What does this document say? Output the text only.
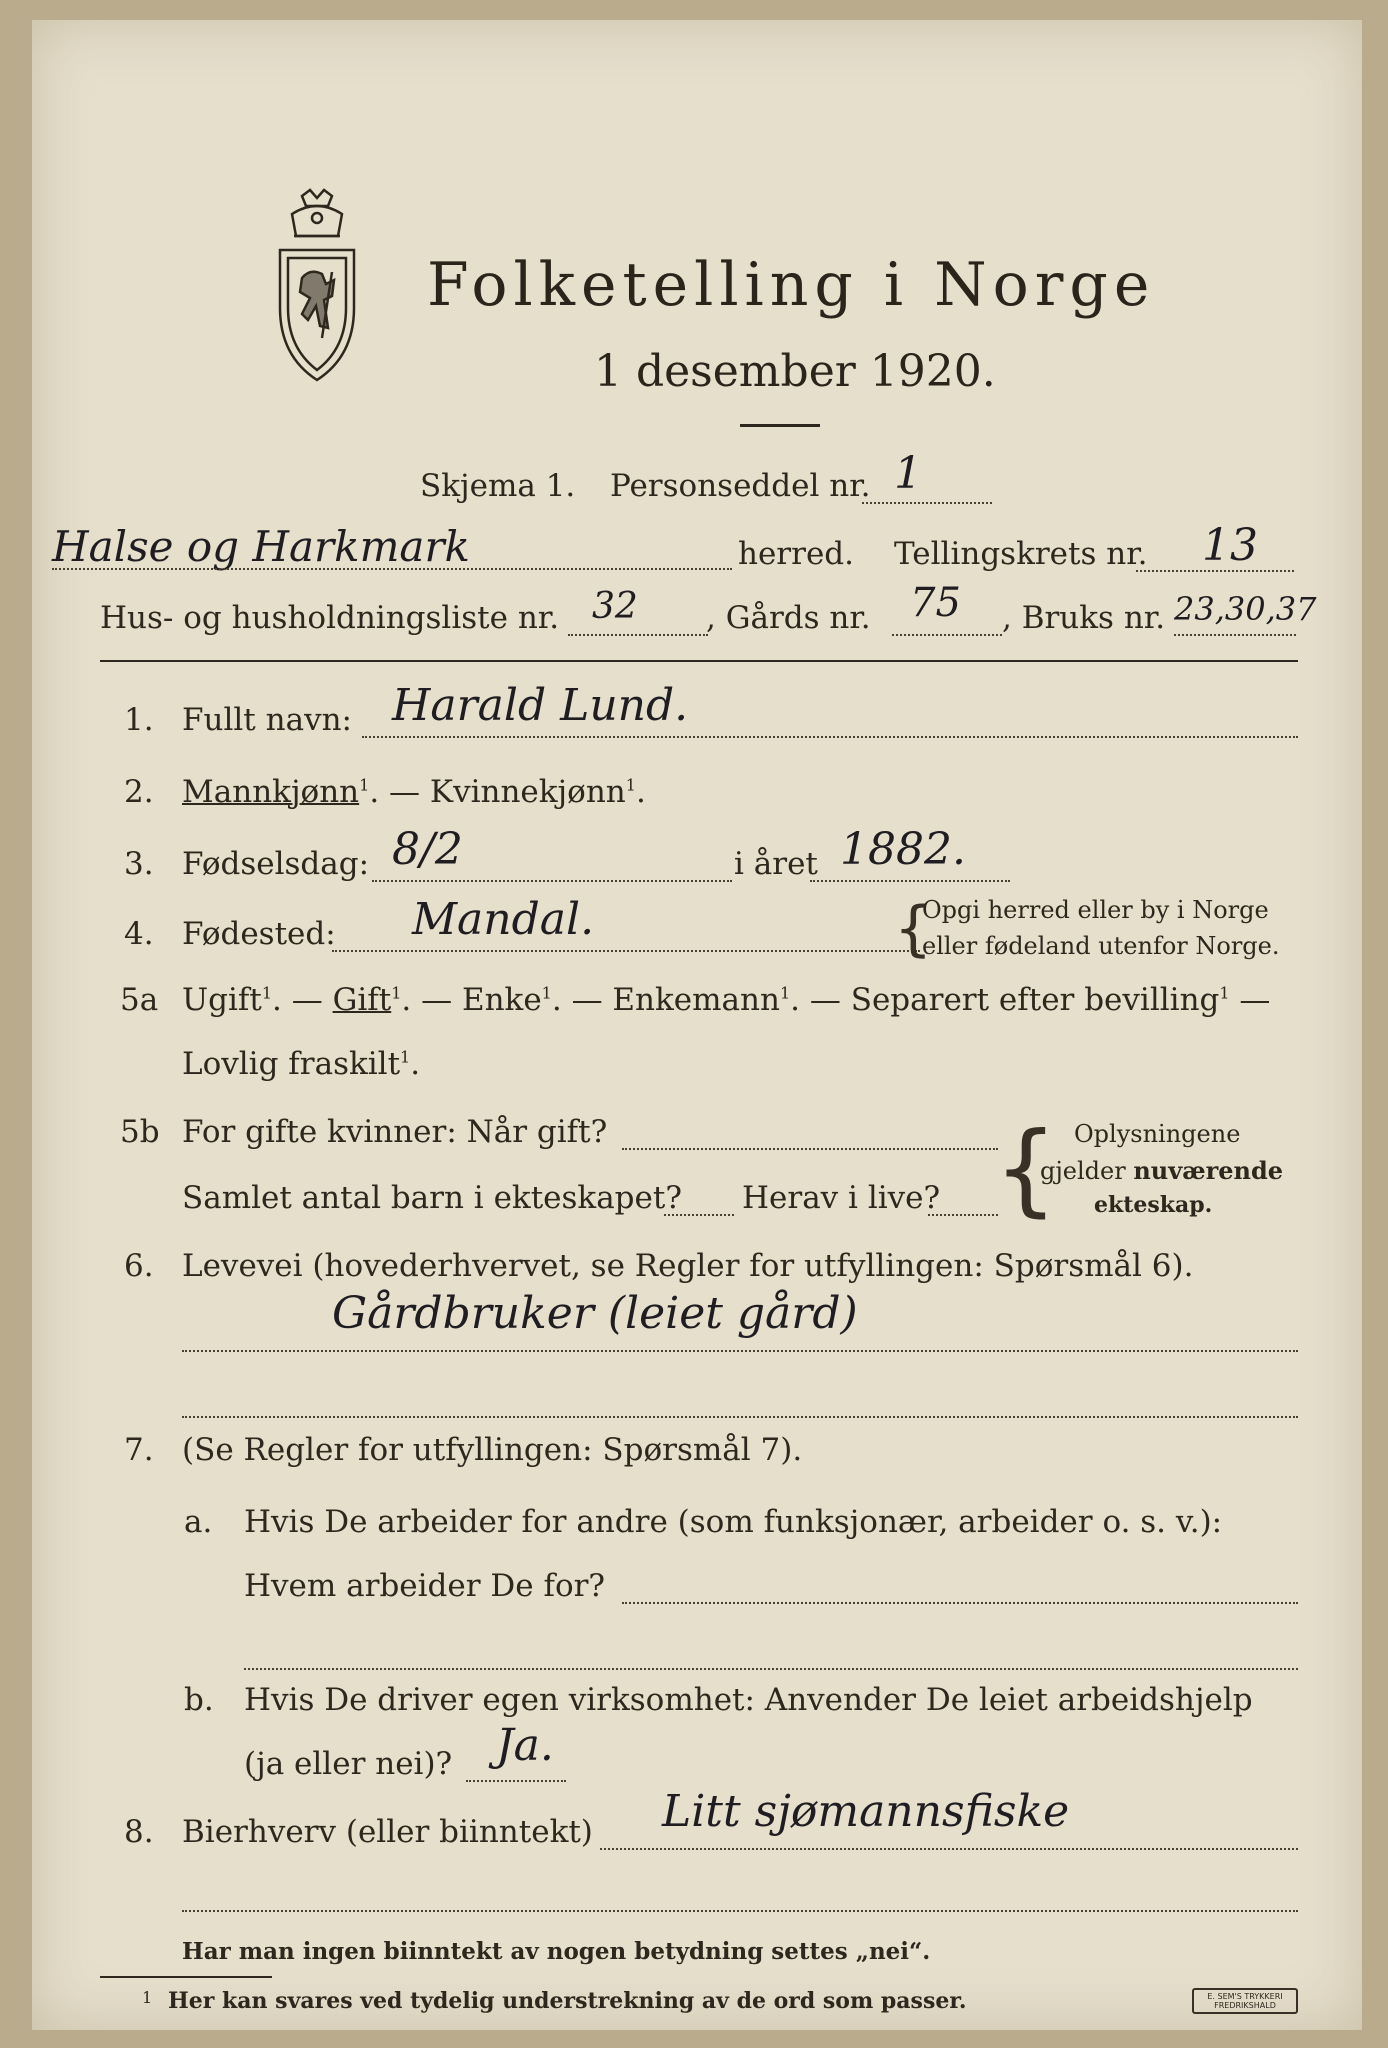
Folketelling i Norge
1 desember 1920.
Skjema 1. Personseddel nr. 1
Halse og Harkmark	herred. Tellingskrets nr. 13
Hus- og husholdningsliste nr. 32 , Gårds nr. 75 , Bruks nr. 23,30,37
1. Fullt navn: Harald Lund.
2. Mannkjønn$^1$. — Kvinnekjønn$^1$.
3. Fødselsdag: 8/2	i året 1882.
4. Fødested: Mandal.	{
Opgi herred eller by i Norge
eller fødeland utenfor Norge.
5a Ugift$^1$. — Gift$^1$. — Enke$^1$. — Enkemann$^1$. — Separert efter bevilling$^1$ —
Lovlig fraskilt$^1$.
5b For gifte kvinner: Når gift?
Samlet antal barn i ekteskapet? Herav i live? { Oplysningene
gjelder nuværende
ekteskap.
6. Levevei (hovederhvervet, se Regler for utfyllingen: Spørsmål 6).
Gårdbruker (leiet gård)
7. (Se Regler for utfyllingen: Spørsmål 7).
a. Hvis De arbeider for andre (som funksjonær, arbeider o. s. v.):
Hvem arbeider De for?
b. Hvis De driver egen virksomhet: Anvender De leiet arbeidshjelp
(ja eller nei)? Ja.
8. Bierhverv (eller biinntekt) Litt sjømannsfiske
Har man ingen biinntekt av nogen betydning settes „nei“.
1 Her kan svares ved tydelig understrekning av de ord som passer.	E. SEM'S TRYKKERI
FREDRIKSHALD
